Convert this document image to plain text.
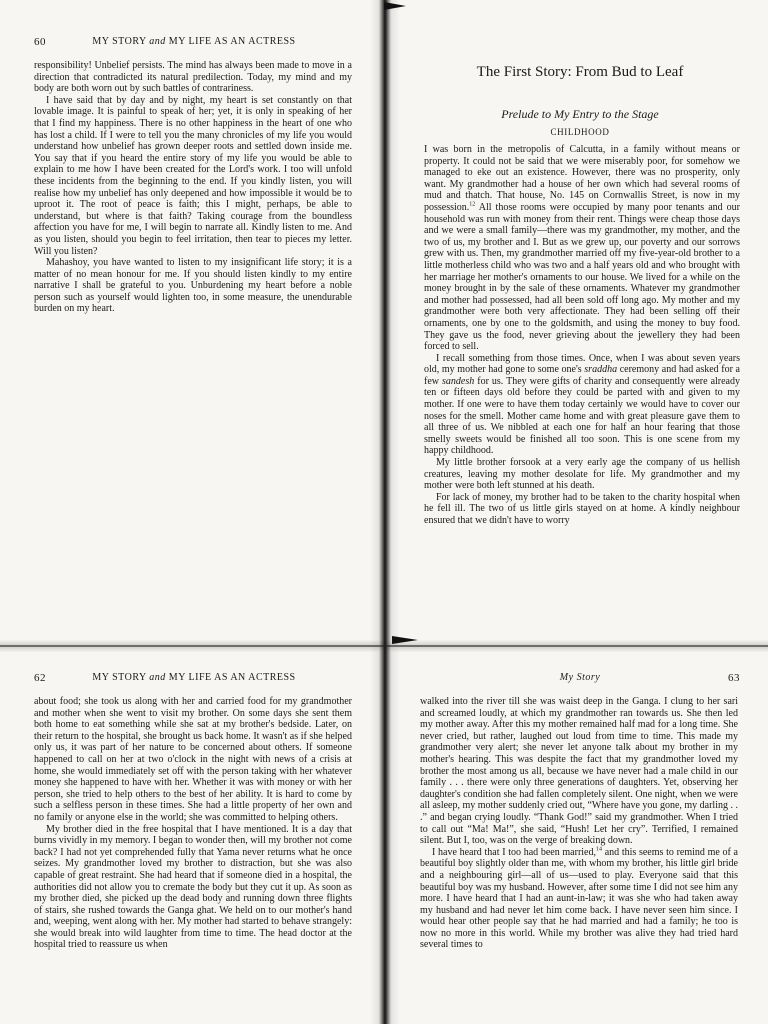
60	MY STORY and MY LIFE AS AN ACTRESS

responsibility! Unbelief persists. The mind has always been made to move in a direction that contradicted its natural predilection. Today, my mind and my body are both worn out by such battles of contrariness.

I have said that by day and by night, my heart is set constantly on that lovable image. It is painful to speak of her; yet, it is only in speaking of her that I find my happiness. There is no other happiness in the heart of one who has lost a child. If I were to tell you the many chronicles of my life you would understand how unbelief has grown deeper roots and settled down inside me. You say that if you heard the entire story of my life you would be able to explain to me how I have been created for the Lord's work. I too will unfold these incidents from the beginning to the end. If you kindly listen, you will realise how my unbelief has only deepened and how impossible it would be to uproot it. The root of peace is faith; this I might, perhaps, be able to understand, but where is that faith? Taking courage from the boundless affection you have for me, I will begin to narrate all. Kindly listen to me. And as you listen, should you begin to feel irritation, then tear to pieces my letter. Will you listen?

Mahashoy, you have wanted to listen to my insignificant life story; it is a matter of no mean honour for me. If you should listen kindly to my entire narrative I shall be grateful to you. Unburdening my heart before a noble person such as yourself would lighten too, in some measure, the unendurable burden on my heart.

The First Story: From Bud to Leaf
Prelude to My Entry to the Stage
CHILDHOOD

I was born in the metropolis of Calcutta, in a family without means or property. It could not be said that we were miserably poor, for somehow we managed to eke out an existence. However, there was no prosperity, only want. My grandmother had a house of her own which had several rooms of mud and thatch. That house, No. 145 on Cornwallis Street, is now in my possession.$^{12}$ All those rooms were occupied by many poor tenants and our household was run with money from their rent. Things were cheap those days and we were a small family—there was my grandmother, my mother, and the two of us, my brother and I. But as we grew up, our poverty and our sorrows grew with us. Then, my grandmother married off my five-year-old brother to a little motherless child who was two and a half years old and who brought with her marriage her mother's ornaments to our house. We lived for a while on the money brought in by the sale of these ornaments. Whatever my grandmother and mother had possessed, had all been sold off long ago. My mother and my grandmother were both very affectionate. They had been selling off their ornaments, one by one to the goldsmith, and using the money to buy food. They gave us the food, never grieving about the jewellery they had been forced to sell.

I recall something from those times. Once, when I was about seven years old, my mother had gone to some one's sraddha ceremony and had asked for a few sandesh for us. They were gifts of charity and consequently were already ten or fifteen days old before they could be parted with and given to my mother. If one were to have them today certainly we would have to cover our noses for the smell. Mother came home and with great pleasure gave them to all three of us. We nibbled at each one for half an hour fearing that those smelly sweets would be finished all too soon. This is one scene from my happy childhood.

My little brother forsook at a very early age the company of us hellish creatures, leaving my mother desolate for life. My grandmother and my mother were both left stunned at his death.

For lack of money, my brother had to be taken to the charity hospital when he fell ill. The two of us little girls stayed on at home. A kindly neighbour ensured that we didn't have to worry

62	MY STORY and MY LIFE AS AN ACTRESS

about food; she took us along with her and carried food for my grandmother and mother when she went to visit my brother. On some days she sent them both home to eat something while she sat at my brother's bedside. Later, on their return to the hospital, she brought us back home. It wasn't as if she helped only us, it was part of her nature to be concerned about others. If someone happened to call on her at two o'clock in the night with news of a crisis at home, she would immediately set off with the person taking with her whatever money she happened to have with her. Whether it was with money or with her person, she tried to help others to the best of her ability. It is hard to come by such a selfless person in these times. She had a little property of her own and no family or anyone else in the world; she was committed to helping others.

My brother died in the free hospital that I have mentioned. It is a day that burns vividly in my memory. I began to wonder then, will my brother not come back? I had not yet comprehended fully that Yama never returns what he once seizes. My grandmother loved my brother to distraction, but she was also capable of great restraint. She had heard that if someone died in a hospital, the authorities did not allow you to cremate the body but they cut it up. As soon as my brother died, she picked up the dead body and running down three flights of stairs, she rushed towards the Ganga ghat. We held on to our mother's hand and, weeping, went along with her. My mother had started to behave strangely: she would break into wild laughter from time to time. The head doctor at the hospital tried to reassure us when

My Story	63

walked into the river till she was waist deep in the Ganga. I clung to her sari and screamed loudly, at which my grandmother ran towards us. She then led my mother away. After this my mother remained half mad for a long time. She never cried, but rather, laughed out loud from time to time. This made my grandmother very alert; she never let anyone talk about my brother in my mother's hearing. This was despite the fact that my grandmother loved my brother the most among us all, because we have never had a male child in our family . . . there were only three generations of daughters. Yet, observing her daughter's condition she had fallen completely silent. One night, when we were all asleep, my mother suddenly cried out, “Where have you gone, my darling . . .” and began crying loudly. “Thank God!” said my grandmother. When I tried to call out “Ma! Ma!”, she said, “Hush! Let her cry”. Terrified, I remained silent. But I, too, was on the verge of breaking down.

I have heard that I too had been married,$^{14}$ and this seems to remind me of a beautiful boy slightly older than me, with whom my brother, his little girl bride and a neighbouring girl—all of us—used to play. Everyone said that this beautiful boy was my husband. However, after some time I did not see him any more. I have heard that I had an aunt-in-law; it was she who had taken away my husband and had never let him come back. I have never seen him since. I would hear other people say that he had married and had a family; he too is now no more in this world. While my brother was alive they had tried hard several times to
